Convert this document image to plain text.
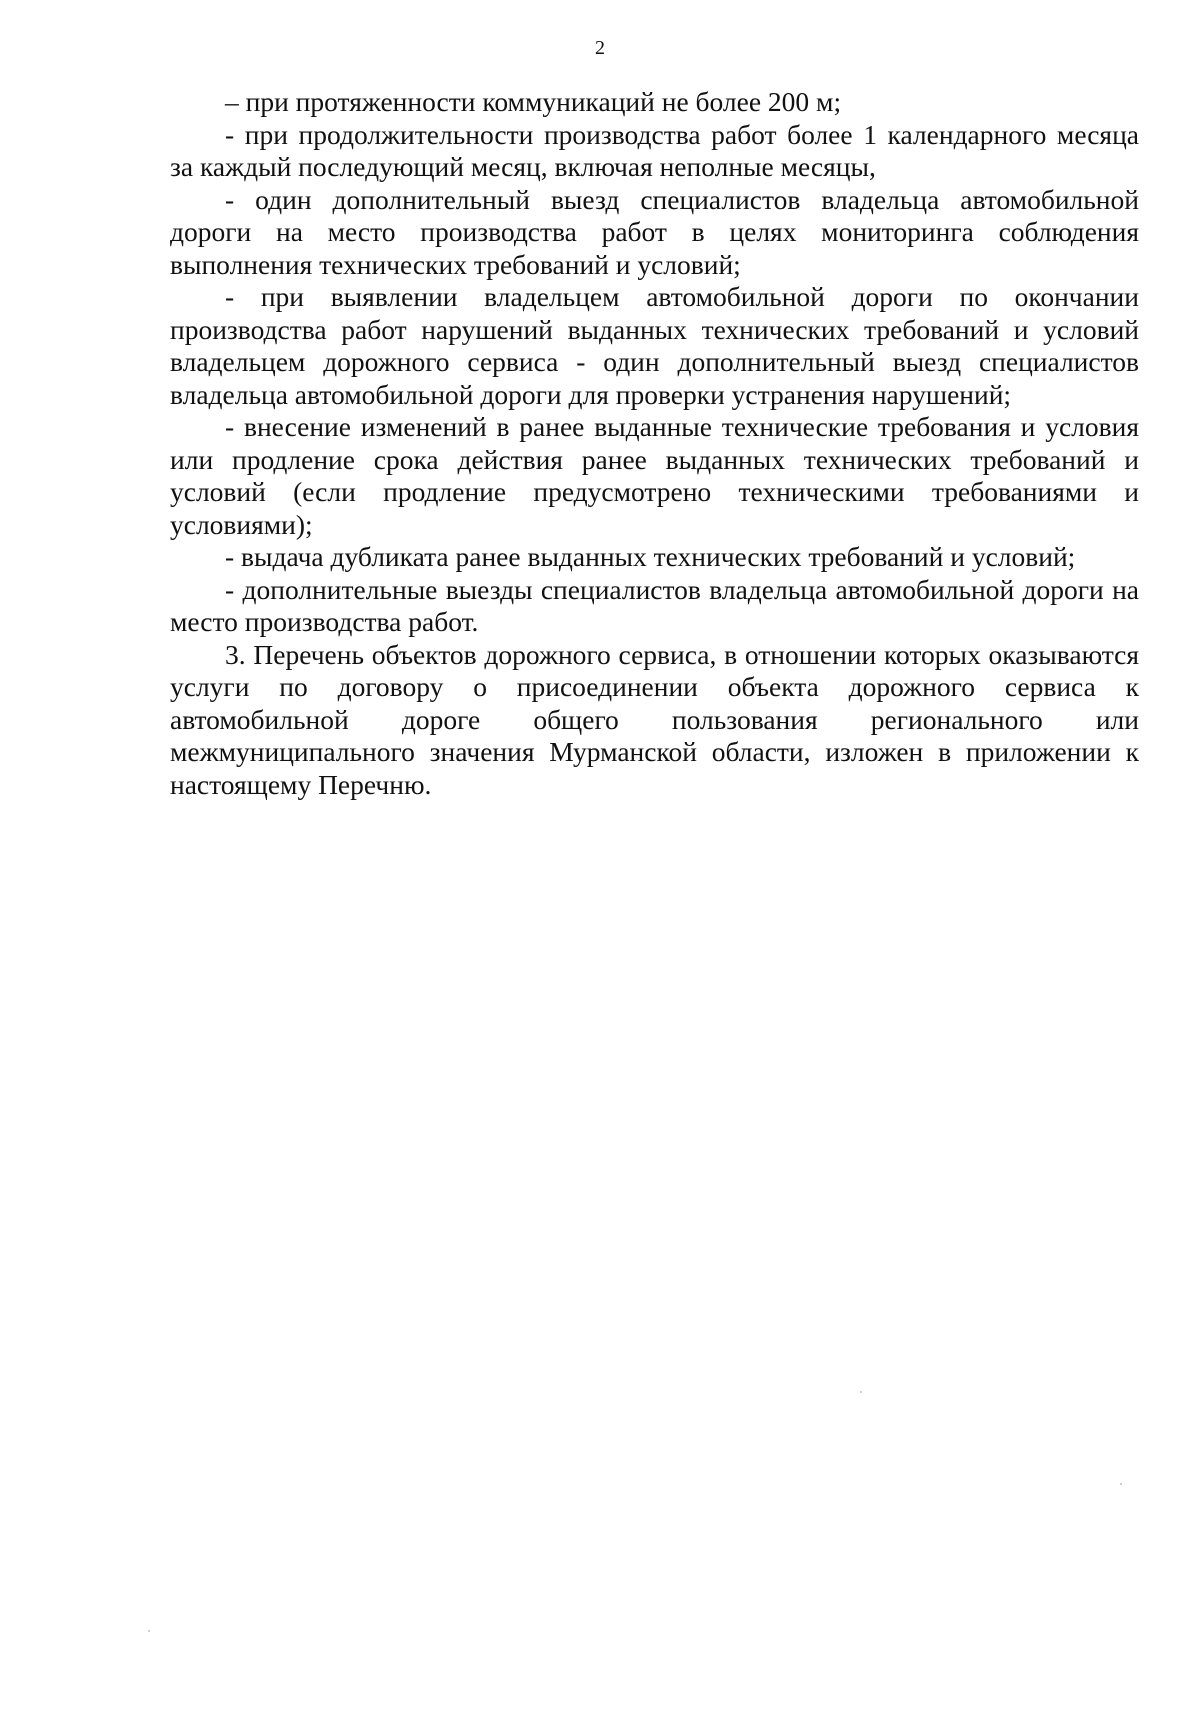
2

– при протяженности коммуникаций не более 200 м;

- при продолжительности производства работ более 1 календарного месяца за каждый последующий месяц, включая неполные месяцы,

- один дополнительный выезд специалистов владельца автомобильной дороги на место производства работ в целях мониторинга соблюдения выполнения технических требований и условий;

- при выявлении владельцем автомобильной дороги по окончании производства работ нарушений выданных технических требований и условий владельцем дорожного сервиса - один дополнительный выезд специалистов владельца автомобильной дороги для проверки устранения нарушений;

- внесение изменений в ранее выданные технические требования и условия или продление срока действия ранее выданных технических требований и условий (если продление предусмотрено техническими требованиями и условиями);

- выдача дубликата ранее выданных технических требований и условий;

- дополнительные выезды специалистов владельца автомобильной дороги на место производства работ.

3. Перечень объектов дорожного сервиса, в отношении которых оказываются услуги по договору о присоединении объекта дорожного сервиса к автомобильной дороге общего пользования регионального или межмуниципального значения Мурманской области, изложен в приложении к настоящему Перечню.
